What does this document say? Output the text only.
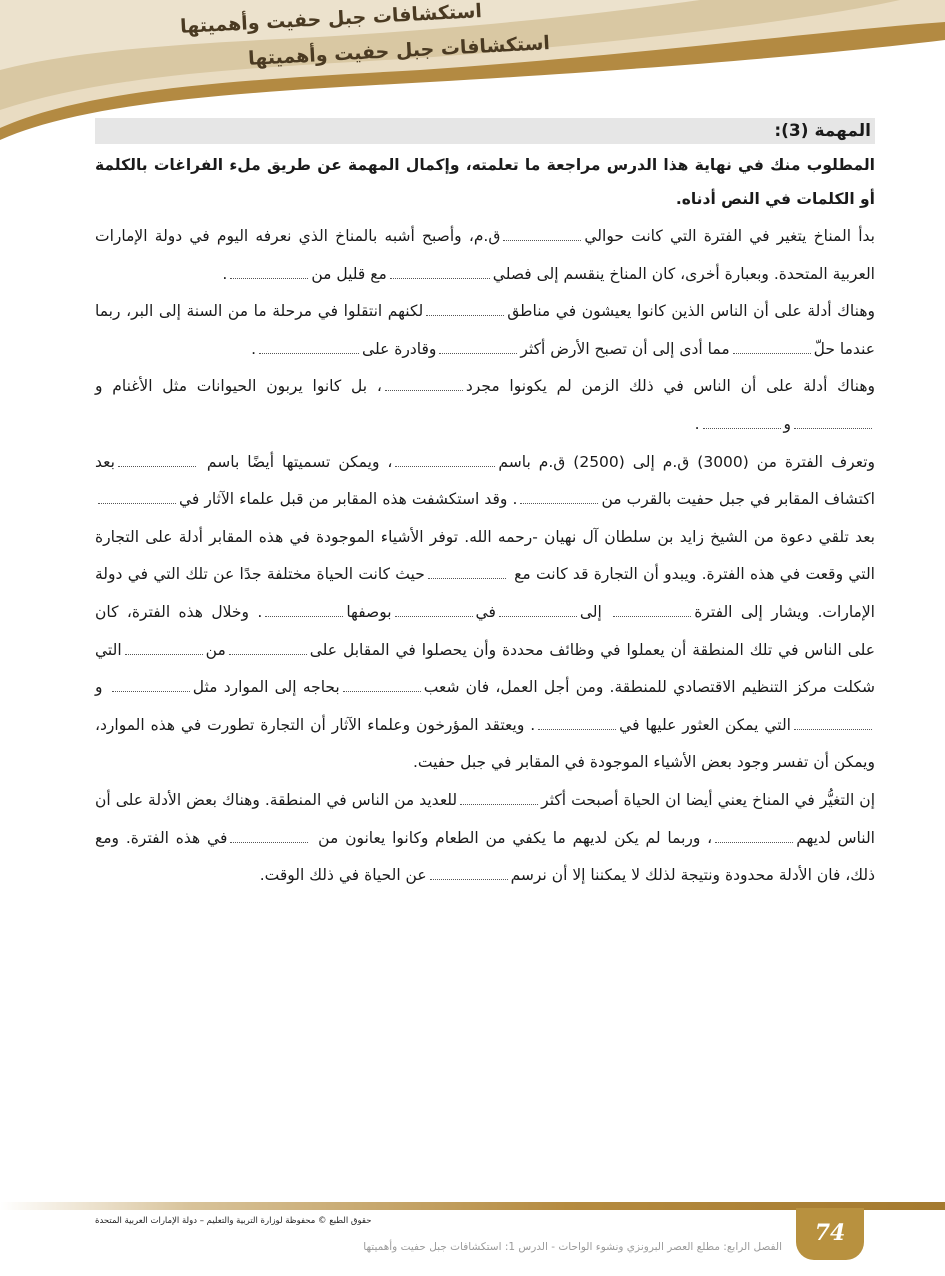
استكشافات جبل حفيت وأهميتها
استكشافات جبل حفيت وأهميتها
المهمة (3):

المطلوب منك في نهاية هذا الدرس مراجعة ما تعلمته، وإكمال المهمة عن طريق ملء الفراغات بالكلمة أو الكلمات في النص أدناه.

بدأ المناخ يتغير في الفترة التي كانت حواليق.م، وأصبح أشبه بالمناخ الذي نعرفه اليوم في دولة الإمارات العربية المتحدة. وبعبارة أخرى، كان المناخ ينقسم إلى فصليمع قليل من.

وهناك أدلة على أن الناس الذين كانوا يعيشون في مناطقلكنهم انتقلوا في مرحلة ما من السنة إلى البر، ربما عندما حلّمما أدى إلى أن تصبح الأرض أكثروقادرة على.

وهناك أدلة على أن الناس في ذلك الزمن لم يكونوا مجرد، بل كانوا يربون الحيوانات مثل الأغنام وو.

وتعرف الفترة من (3000) ق.م إلى (2500) ق.م باسم، ويمكن تسميتها أيضًا باسم بعد اكتشاف المقابر في جبل حفيت بالقرب من. وقد استكشفت هذه المقابر من قبل علماء الآثار فيبعد تلقي دعوة من الشيخ زايد بن سلطان آل نهيان -رحمه الله. توفر الأشياء الموجودة في هذه المقابر أدلة على التجارة التي وقعت في هذه الفترة. ويبدو أن التجارة قد كانت مع حيث كانت الحياة مختلفة جدًا عن تلك التي في دولة الإمارات. ويشار إلى الفترة إلىفيبوصفها. وخلال هذه الفترة، كان على الناس في تلك المنطقة أن يعملوا في وظائف محددة وأن يحصلوا في المقابل علىمنالتي شكلت مركز التنظيم الاقتصادي للمنطقة. ومن أجل العمل، فان شعببحاجه إلى الموارد مثل والتي يمكن العثور عليها في. ويعتقد المؤرخون وعلماء الآثار أن التجارة تطورت في هذه الموارد، ويمكن أن تفسر وجود بعض الأشياء الموجودة في المقابر في جبل حفيت.

إن التغيُّر في المناخ يعني أيضا ان الحياة أصبحت أكثرللعديد من الناس في المنطقة. وهناك بعض الأدلة على أن الناس لديهم، وربما لم يكن لديهم ما يكفي من الطعام وكانوا يعانون من في هذه الفترة. ومع ذلك، فان الأدلة محدودة ونتيجة لذلك لا يمكننا إلا أن نرسمعن الحياة في ذلك الوقت.

74
حقوق الطبع © محفوظة لوزارة التربية والتعليم – دولة الإمارات العربية المتحدة
الفصل الرابع: مطلع العصر البرونزي ونشوء الواحات - الدرس 1: استكشافات جبل حفيت وأهميتها
